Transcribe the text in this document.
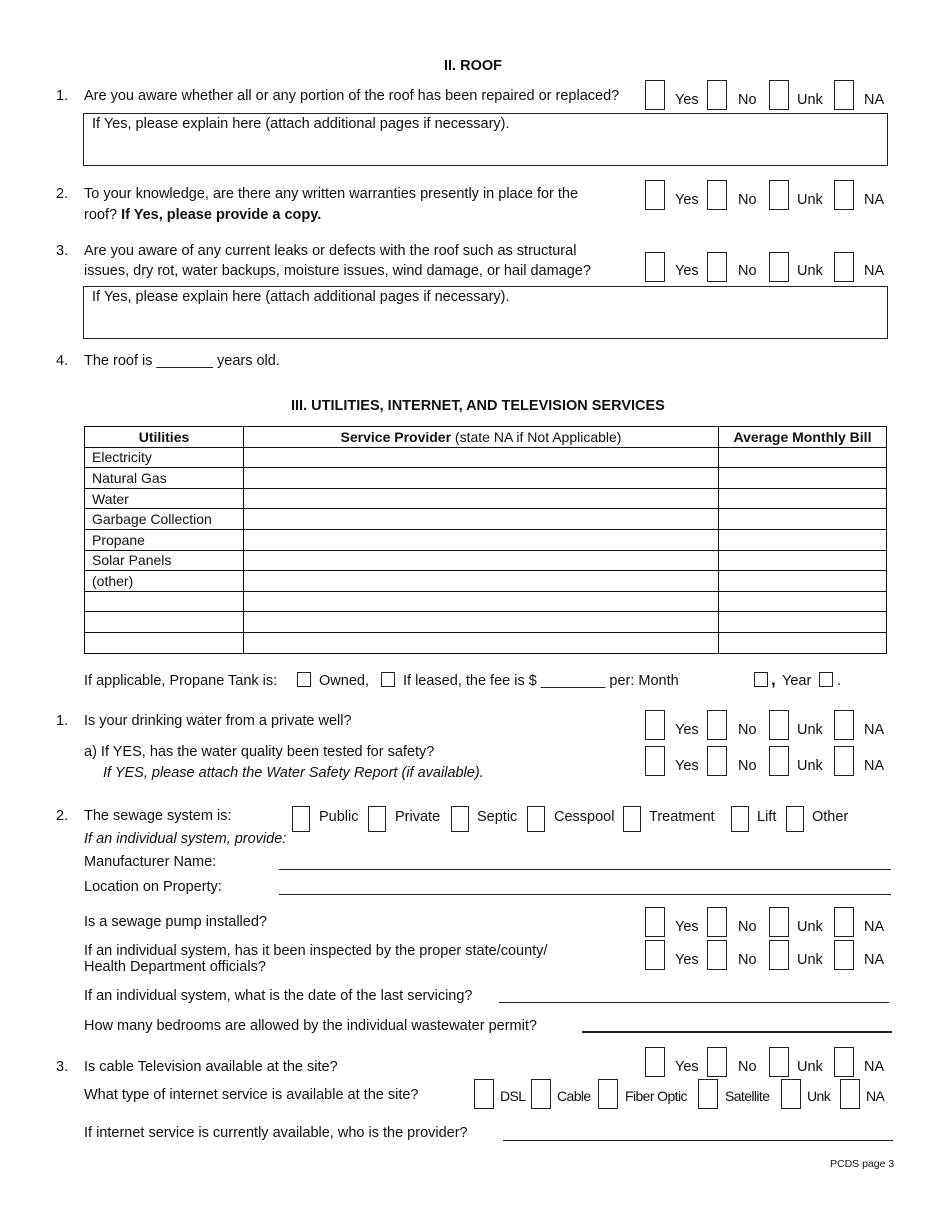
II. ROOF
1. Are you aware whether all or any portion of the roof has been repaired or replaced?	Yes	No	Unk	NA
If Yes, please explain here (attach additional pages if necessary).
2. To your knowledge, are there any written warranties presently in place for the
roof? If Yes, please provide a copy.
Yes	No	Unk	NA
3. Are you aware of any current leaks or defects with the roof such as structural
issues, dry rot, water backups, moisture issues, wind damage, or hail damage?	Yes	No	Unk	NA
If Yes, please explain here (attach additional pages if necessary).
4. The roof is _______ years old.
III. UTILITIES, INTERNET, AND TELEVISION SERVICES
Utilities	Service Provider (state NA if Not Applicable)	Average Monthly Bill
Electricity		
Natural Gas		
Water		
Garbage Collection		
Propane		
Solar Panels		
(other)		

If applicable, Propane Tank is:	Owned, If leased, the fee is $ ________ per: Month	, Year .
1. Is your drinking water from a private well?
Yes	No	Unk	NA
a) If YES, has the water quality been tested for safety?
If YES, please attach the Water Safety Report (if available).	Yes	No	Unk	NA
2. The sewage system is:	Public	Private	Septic	Cesspool Treatment	Lift Other
If an individual system, provide:
Manufacturer Name:
Location on Property:
Is a sewage pump installed?	Yes	No	Unk	NA
If an individual system, has it been inspected by the proper state/county/
Health Department officials?	Yes	No	Unk	NA
If an individual system, what is the date of the last servicing?
How many bedrooms are allowed by the individual wastewater permit?
3. Is cable Television available at the site?	Yes	No	Unk	NA
What type of internet service is available at the site?	DSL Cable Fiber Optic	Satellite	Unk	NA
If internet service is currently available, who is the provider?
PCDS page 3
